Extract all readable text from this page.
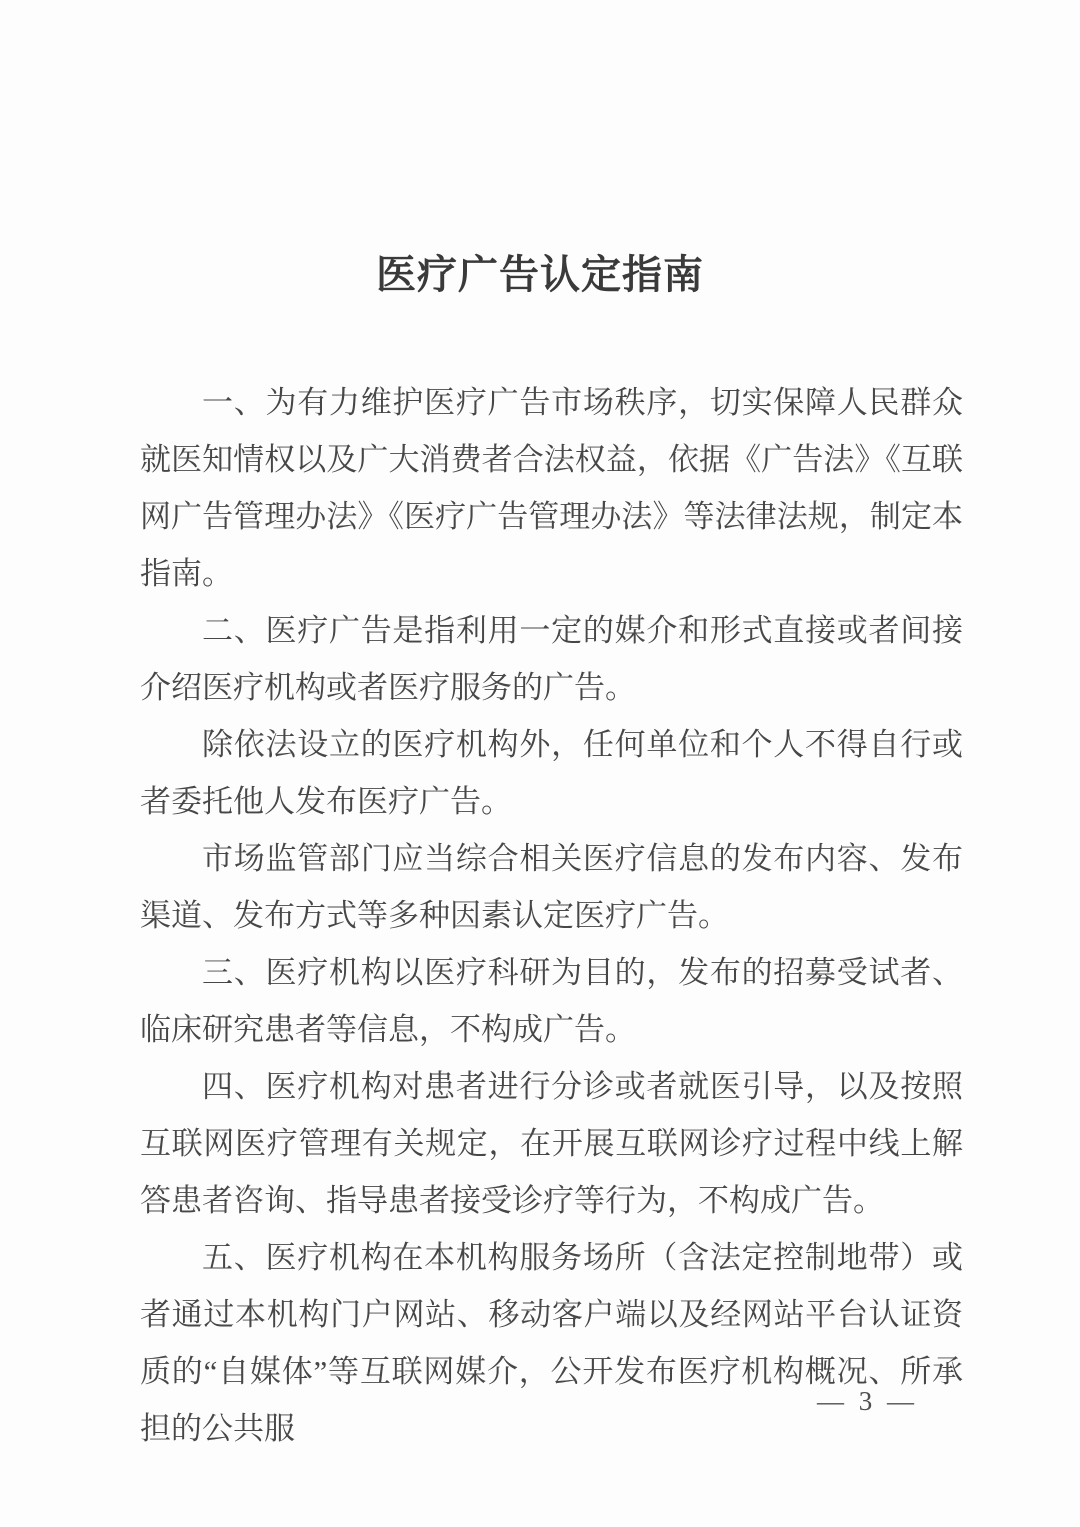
医疗广告认定指南

一、为有力维护医疗广告市场秩序，切实保障人民群众就医知情权以及广大消费者合法权益，依据《广告法》《互联网广告管理办法》《医疗广告管理办法》等法律法规，制定本指南。

二、医疗广告是指利用一定的媒介和形式直接或者间接介绍医疗机构或者医疗服务的广告。

除依法设立的医疗机构外，任何单位和个人不得自行或者委托他人发布医疗广告。

市场监管部门应当综合相关医疗信息的发布内容、发布渠道、发布方式等多种因素认定医疗广告。

三、医疗机构以医疗科研为目的，发布的招募受试者、临床研究患者等信息，不构成广告。

四、医疗机构对患者进行分诊或者就医引导，以及按照互联网医疗管理有关规定，在开展互联网诊疗过程中线上解答患者咨询、指导患者接受诊疗等行为，不构成广告。

五、医疗机构在本机构服务场所（含法定控制地带）或者通过本机构门户网站、移动客户端以及经网站平台认证资质的“自媒体”等互联网媒介，公开发布医疗机构概况、所承担的公共服

— 3 —
